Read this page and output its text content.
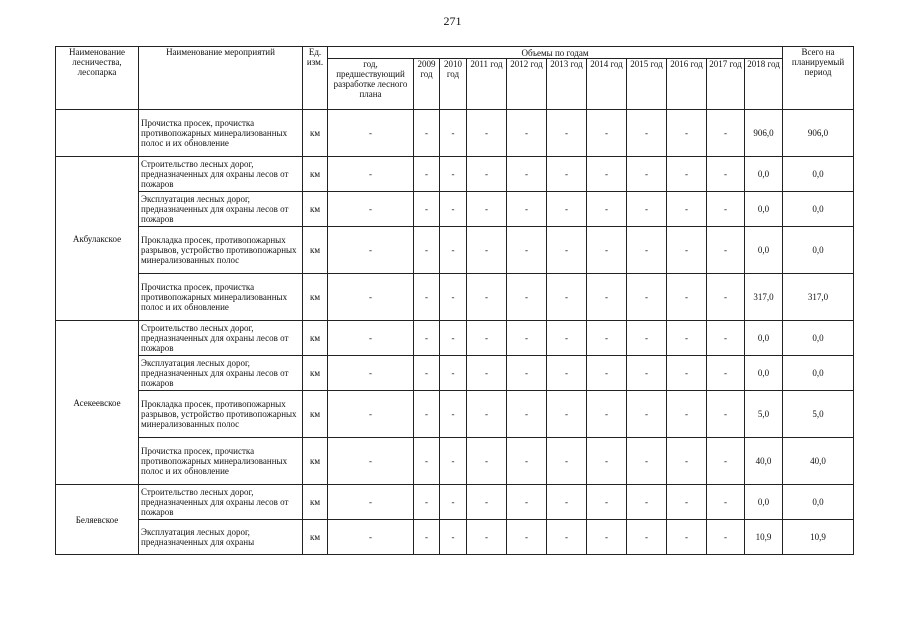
271
Наименование лесничества, лесопарка	Наименование мероприятий	Ед. изм.	Объемы по годам											Всего на планируемый период
			год, предшествующий разработке лесного плана	2009 год	2010 год	2011 год	2012 год	2013 год	2014 год	2015 год	2016 год	2017 год	2018 год	
	Прочистка просек, прочистка противопожарных минерализованных полос и их обновление	км	-	-	-	-	-	-	-	-	-	-	906,0	906,0
Акбулакское	Строительство лесных дорог, предназначенных для охраны лесов от пожаров	км	-	-	-	-	-	-	-	-	-	-	0,0	0,0
	Эксплуатация лесных дорог, предназначенных для охраны лесов от пожаров	км	-	-	-	-	-	-	-	-	-	-	0,0	0,0
	Прокладка просек, противопожарных разрывов, устройство противопожарных минерализованных полос	км	-	-	-	-	-	-	-	-	-	-	0,0	0,0
	Прочистка просек, прочистка противопожарных минерализованных полос и их обновление	км	-	-	-	-	-	-	-	-	-	-	317,0	317,0
Асекеевское	Строительство лесных дорог, предназначенных для охраны лесов от пожаров	км	-	-	-	-	-	-	-	-	-	-	0,0	0,0
	Эксплуатация лесных дорог, предназначенных для охраны лесов от пожаров	км	-	-	-	-	-	-	-	-	-	-	0,0	0,0
	Прокладка просек, противопожарных разрывов, устройство противопожарных минерализованных полос	км	-	-	-	-	-	-	-	-	-	-	5,0	5,0
	Прочистка просек, прочистка противопожарных минерализованных полос и их обновление	км	-	-	-	-	-	-	-	-	-	-	40,0	40,0
Беляевское	Строительство лесных дорог, предназначенных для охраны лесов от пожаров	км	-	-	-	-	-	-	-	-	-	-	0,0	0,0
	Эксплуатация лесных дорог, предназначенных для охраны	км	-	-	-	-	-	-	-	-	-	-	10,9	10,9
